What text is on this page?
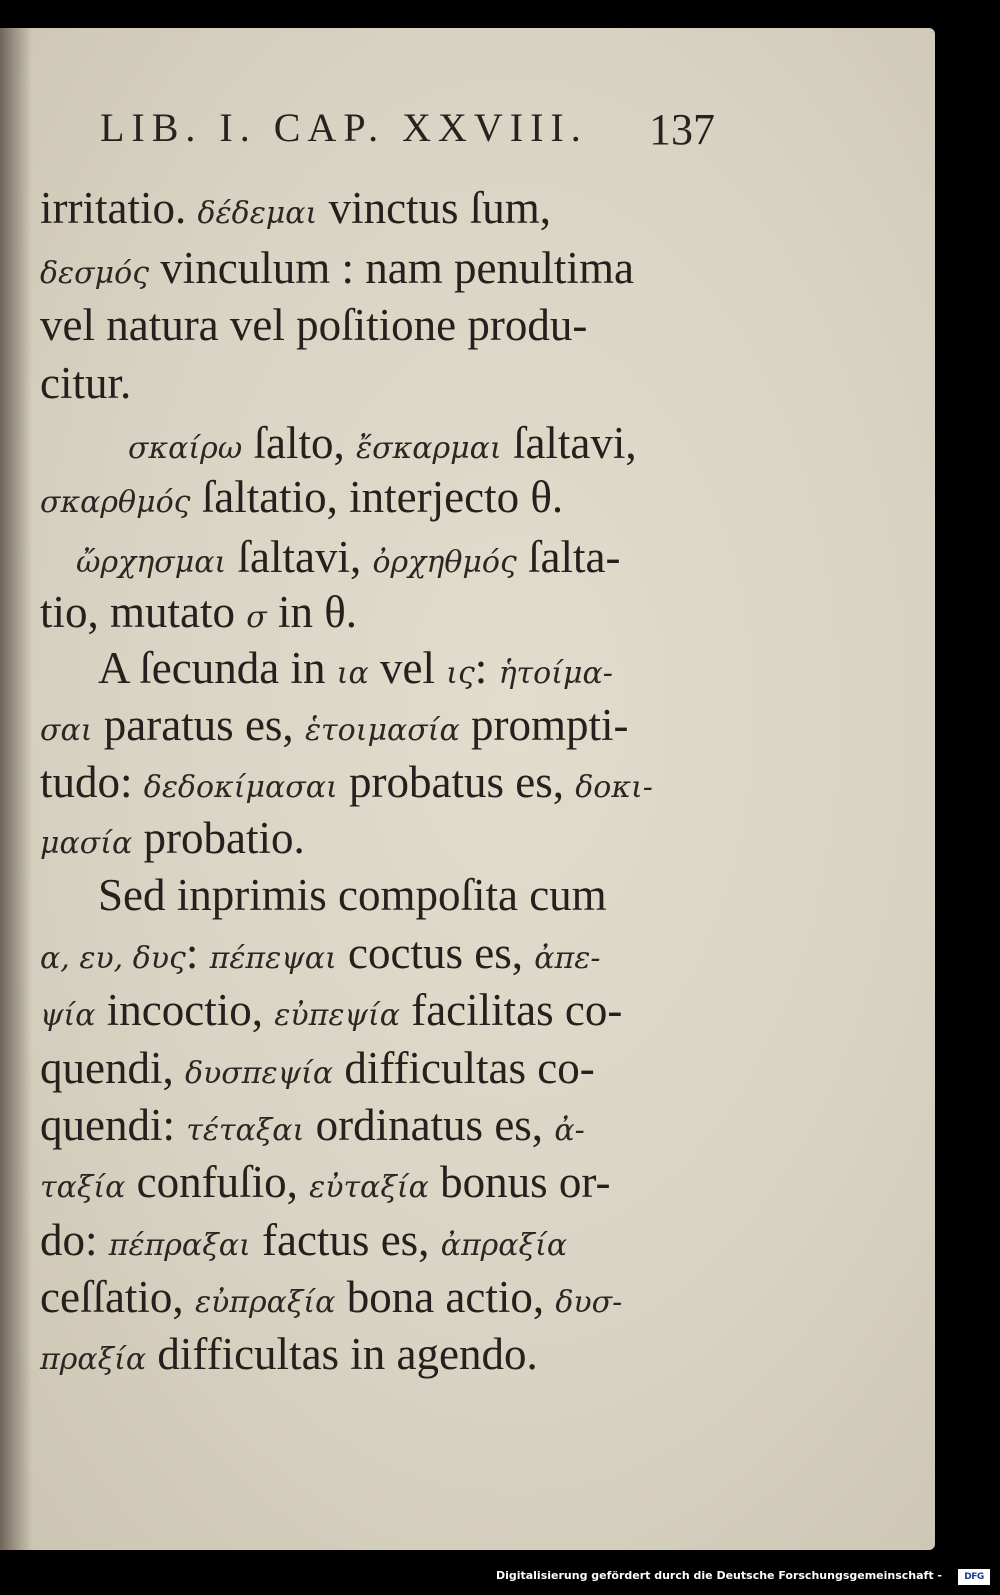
LIB. I. CAP. XXVIII. 137
irritatio. δέδεμαι vinctus ſum,
δεσμός vinculum : nam penultima
vel natura vel poſitione produ-
citur.
σκαίρω ſalto, ἔσκαρμαι ſaltavi,
σκαρθμός ſaltatio, interjecto θ.
ὤρχησμαι ſaltavi, ὀρχηθμός ſalta-
tio, mutato σ in θ.
A ſecunda in ια vel ις: ἡτοίμα-
σαι paratus es, ἑτοιμασία prompti-
tudo: δεδοκίμασαι probatus es, δοκι-
μασία probatio.
Sed inprimis compoſita cum
α, ευ, δυς: πέπεψαι coctus es, ἀπε-
ψία incoctio, εὐπεψία facilitas co-
quendi, δυσπεψία difficultas co-
quendi: τέταξαι ordinatus es, ἀ-
ταξία confuſio, εὐταξία bonus or-
do: πέπραξαι factus es, ἀπραξία
ceſſatio, εὐπραξία bona actio, δυσ-
πραξία difficultas in agendo.
Digitalisierung gefördert durch die Deutsche Forschungsgemeinschaft - DFG
